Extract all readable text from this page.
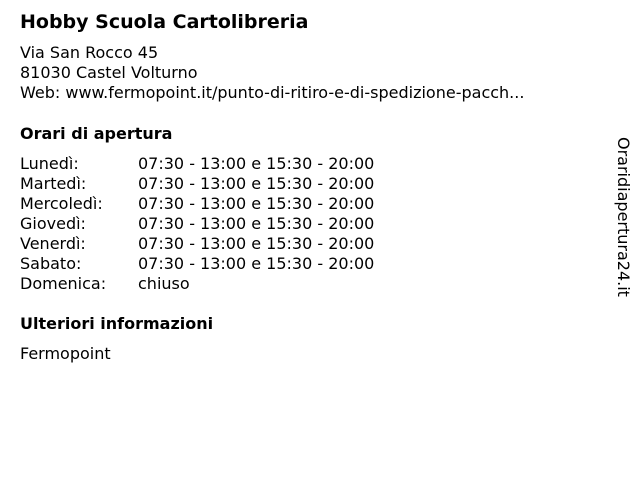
Hobby Scuola Cartolibreria
Via San Rocco 45
81030 Castel Volturno
Web: www.fermopoint.it/punto-di-ritiro-e-di-spedizione-pacch...
Orari di apertura
Lunedì:	07:30 - 13:00 e 15:30 - 20:00
Martedì:	07:30 - 13:00 e 15:30 - 20:00
Mercoledì: 07:30 - 13:00 e 15:30 - 20:00
Giovedì:	07:30 - 13:00 e 15:30 - 20:00
Venerdì:	07:30 - 13:00 e 15:30 - 20:00
Sabato:	07:30 - 13:00 e 15:30 - 20:00
Domenica: chiuso
Ulteriori informazioni
Fermopoint
Oraridiapertura24.it
